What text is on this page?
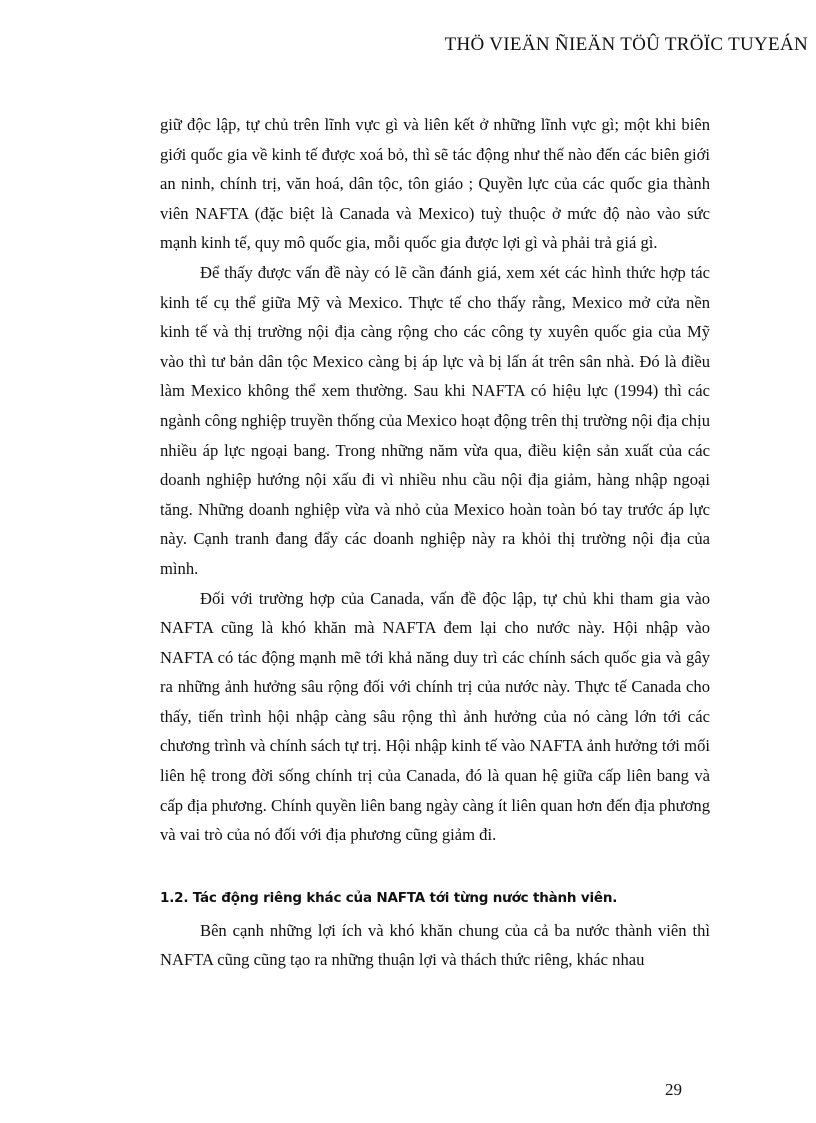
THÖ VIEÄN ÑIEÄN TÖÛ TRÖÏC TUYEÁN

giữ độc lập, tự chủ trên lĩnh vực gì và liên kết ở những lĩnh vực gì; một khi biên giới quốc gia về kinh tế được xoá bỏ, thì sẽ tác động như thế nào đến các biên giới an ninh, chính trị, văn hoá, dân tộc, tôn giáo ; Quyền lực của các quốc gia thành viên NAFTA (đặc biệt là Canada và Mexico) tuỳ thuộc ở mức độ nào vào sức mạnh kinh tế, quy mô quốc gia, mỗi quốc gia được lợi gì và phải trả giá gì.

Để thấy được vấn đề này có lẽ cần đánh giá, xem xét các hình thức hợp tác kinh tế cụ thể giữa Mỹ và Mexico. Thực tế cho thấy rằng, Mexico mở cửa nền kinh tế và thị trường nội địa càng rộng cho các công ty xuyên quốc gia của Mỹ vào thì tư bản dân tộc Mexico càng bị áp lực và bị lấn át trên sân nhà. Đó là điều làm Mexico không thể xem thường. Sau khi NAFTA có hiệu lực (1994) thì các ngành công nghiệp truyền thống của Mexico hoạt động trên thị trường nội địa chịu nhiều áp lực ngoại bang. Trong những năm vừa qua, điều kiện sản xuất của các doanh nghiệp hướng nội xấu đi vì nhiều nhu cầu nội địa giảm, hàng nhập ngoại tăng. Những doanh nghiệp vừa và nhỏ của Mexico hoàn toàn bó tay trước áp lực này. Cạnh tranh đang đẩy các doanh nghiệp này ra khỏi thị trường nội địa của mình.

Đối với trường hợp của Canada, vấn đề độc lập, tự chủ khi tham gia vào NAFTA cũng là khó khăn mà NAFTA đem lại cho nước này. Hội nhập vào NAFTA có tác động mạnh mẽ tới khả năng duy trì các chính sách quốc gia và gây ra những ảnh hưởng sâu rộng đối với chính trị của nước này. Thực tế Canada cho thấy, tiến trình hội nhập càng sâu rộng thì ảnh hưởng của nó càng lớn tới các chương trình và chính sách tự trị. Hội nhập kinh tế vào NAFTA ảnh hưởng tới mối liên hệ trong đời sống chính trị của Canada, đó là quan hệ giữa cấp liên bang và cấp địa phương. Chính quyền liên bang ngày càng ít liên quan hơn đến địa phương và vai trò của nó đối với địa phương cũng giảm đi.

1.2. Tác động riêng khác của NAFTA tới từng nước thành viên.

Bên cạnh những lợi ích và khó khăn chung của cả ba nước thành viên thì NAFTA cũng cũng tạo ra những thuận lợi và thách thức riêng, khác nhau

29
